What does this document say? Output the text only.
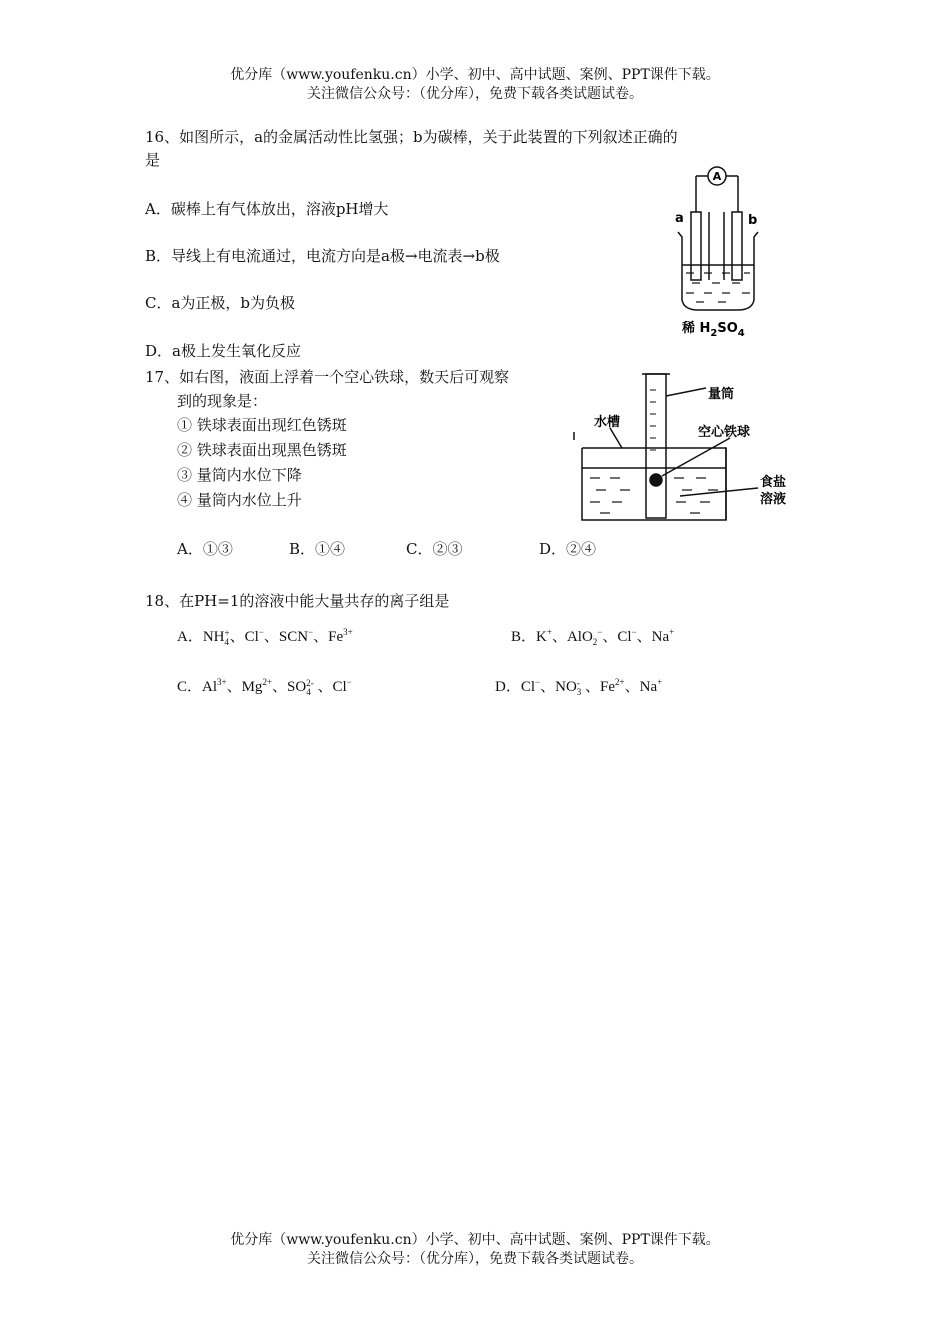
优分库（www.youfenku.cn）小学、初中、高中试题、案例、PPT课件下载。
关注微信公众号：（优分库），免费下载各类试题试卷。
16、如图所示，a的金属活动性比氢强；b为碳棒，关于此装置的下列叙述正确的
是
A．碳棒上有气体放出，溶液pH增大
B．导线上有电流通过，电流方向是a极→电流表→b极
C．a为正极，b为负极
D．a极上发生氧化反应
A
a	b
稀 $H_2SO_4$
17、如右图，液面上浮着一个空心铁球，数天后可观察
到的现象是：
① 铁球表面出现红色锈斑
② 铁球表面出现黑色锈斑
③ 量筒内水位下降
④ 量筒内水位上升
A．①③	B．①④	C．②③	D．②④
量筒
水槽
空心铁球
食盐
溶液
18、在PH=1的溶液中能大量共存的离子组是
A．NH +
4 、Cl−、SCN−、$Fe^{3+}$	B．K+、AlO$_2$−、Cl−、Na+
C．$Al^{3+}$、$Mg^{2+}$、SO 2-
4 、Cl−	D．Cl−、NO -
3 、$Fe^{2+}$、Na+
优分库（www.youfenku.cn）小学、初中、高中试题、案例、PPT课件下载。
关注微信公众号：（优分库），免费下载各类试题试卷。
